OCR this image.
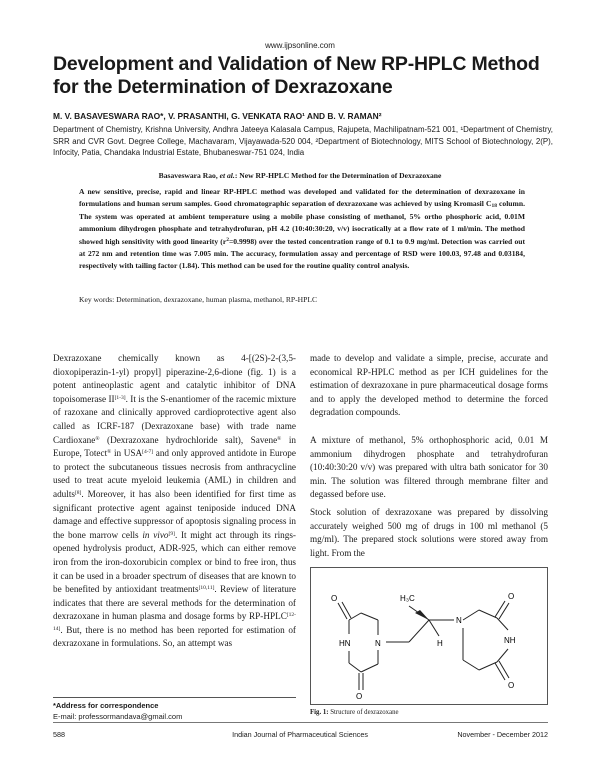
www.ijpsonline.com
Development and Validation of New RP-HPLC Method for the Determination of Dexrazoxane
M. V. BASAVESWARA RAO*, V. PRASANTHI, G. VENKATA RAO¹ AND B. V. RAMAN²
Department of Chemistry, Krishna University, Andhra Jateeya Kalasala Campus, Rajupeta, Machilipatnam-521 001, ¹Department of Chemistry, SRR and CVR Govt. Degree College, Machavaram, Vijayawada-520 004, ²Department of Biotechnology, MITS School of Biotechnology, 2(P), Infocity, Patia, Chandaka Industrial Estate, Bhubaneswar-751 024, India
Basaveswara Rao, et al.: New RP-HPLC Method for the Determination of Dexrazoxane

A new sensitive, precise, rapid and linear RP-HPLC method was developed and validated for the determination of dexrazoxane in formulations and human serum samples. Good chromatographic separation of dexrazoxane was achieved by using Kromasil $C_{18}$ column. The system was operated at ambient temperature using a mobile phase consisting of methanol, 5% ortho phosphoric acid, 0.01M ammonium dihydrogen phosphate and tetrahydrofuran, pH 4.2 (10:40:30:20, v/v) isocratically at a flow rate of 1 ml/min. The method showed high sensitivity with good linearity $(r^2=0.9998)$ over the tested concentration range of 0.1 to 0.9 mg/ml. Detection was carried out at 272 nm and retention time was 7.005 min. The accuracy, formulation assay and percentage of RSD were 100.03, 97.48 and 0.03184, respectively with tailing factor (1.84). This method can be used for the routine quality control analysis.

Key words: Determination, dexrazoxane, human plasma, methanol, RP-HPLC

Dexrazoxane chemically known as 4-[(2S)-2-(3,5-dioxopiperazin-1-yl) propyl] piperazine-2,6-dione (fig. 1) is a potent antineoplastic agent and catalytic inhibitor of DNA topoisomerase II[1-3]. It is the S-enantiomer of the racemic mixture of razoxane and clinically approved cardioprotective agent also called as ICRF-187 (Dexrazoxane base) with trade name Cardioxane® (Dexrazoxane hydrochloride salt), Savene® in Europe, Totect® in USA[4-7] and only approved antidote in Europe to protect the subcutaneous tissues necrosis from anthracycline used to treat acute myeloid leukemia (AML) in children and adults[8]. Moreover, it has also been identified for first time as significant protective agent against teniposide induced DNA damage and effective suppressor of apoptosis signaling process in the bone marrow cells in vivo[9]. It might act through its rings-opened hydrolysis product, ADR-925, which can either remove iron from the iron-doxorubicin complex or bind to free iron, thus it can be used in a broader spectrum of diseases that are known to be benefited by antioxidant treatments[10,11]. Review of literature indicates that there are several methods for the determination of dexrazoxane in human plasma and dosage forms by RP-HPLC[12-14]. But, there is no method has been reported for estimation of dexrazoxane in formulations. So, an attempt was

made to develop and validate a simple, precise, accurate and economical RP-HPLC method as per ICH guidelines for the estimation of dexrazoxane in pure pharmaceutical dosage forms and to apply the developed method to determine the forced degradation compounds.

A mixture of methanol, 5% orthophosphoric acid, 0.01 M ammonium dihydrogen phosphate and tetrahydrofuran (10:40:30:20 v/v) was prepared with ultra bath sonicator for 30 min. The solution was filtered through membrane filter and degassed before use.

Stock solution of dexrazoxane was prepared by dissolving accurately weighed 500 mg of drugs in 100 ml methanol (5 mg/ml). The prepared stock solutions were stored away from light. From the

*Address for correspondence
E-mail: professormandava@gmail.com
O
HN
O
N
H₃C
H
N
O
NH
O
Fig. 1: Structure of dexrazoxane
588	Indian Journal of Pharmaceutical Sciences	November - December 2012
